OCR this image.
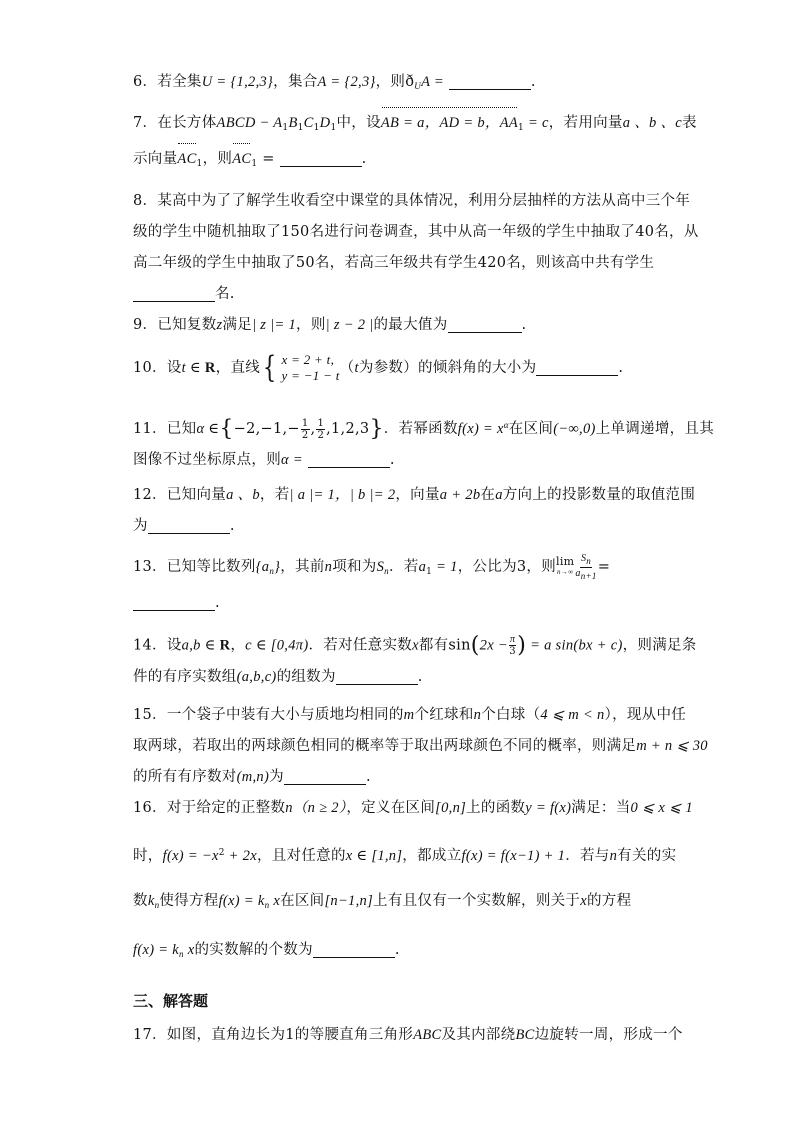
6．若全集U = {1,2,3}，集合A = {2,3}，则$ð_UA$ =	.
7．在长方体ABCD − $A_1B_1C_1D_1$中，设AB = a，AD = b，$AA_1 = c$，若用向量a 、b 、c表
示向量$AC_1$，则$AC_1$ =	.
8．某高中为了了解学生收看空中课堂的具体情况，利用分层抽样的方法从高中三个年
级的学生中随机抽取了150名进行问卷调查，其中从高一年级的学生中抽取了40名，从
高二年级的学生中抽取了50名，若高三年级共有学生420名，则该高中共有学生
名.
9．已知复数z满足| z |= 1，则| z − 2 |的最大值为	.
10．设t ∈ R，直线{ x = 2 + t,
y = −1 − t （t为参数）的倾斜角的大小为	.
11．已知α ∈{−2,−1,− $\frac{1}{2}$ , $\frac{1}{2} ,1,2,3$}．若幂函数$f(x) = x^\alpha$在区间(−∞,0)上单调递增，且其
图像不过坐标原点，则α =	.
12．已知向量a 、b，若| a |= 1，| b |= 2，向量a + 2b在a方向上的投影数量的取值范围
为	.
13．已知等比数列$\{a_n\}$，其前n项和为$S_n$．若$a_1 = 1$，公比为3，则 lim
$n\to\infty \frac{Sn}{an+1}$ =
.
14．设a,b ∈ R，c ∈ [0,4π)．若对任意实数x都有$\sin(2x - \frac{\pi}{3}$ ) = a sin(bx + c)，则满足条
件的有序实数组(a,b,c)的组数为	.
15．一个袋子中装有大小与质地均相同的m个红球和n个白球（4 ⩽ m < n），现从中任
取两球，若取出的两球颜色相同的概率等于取出两球颜色不同的概率，则满足m + n ⩽ 30
的所有有序数对(m,n)为	.
16．对于给定的正整数n（n ≥ 2），定义在区间[0,n]上的函数y = f(x)满足：当0 ⩽ x ⩽ 1
时，$f(x) = -x^2 + 2x$，且对任意的x ∈ [1,n]，都成立f(x) = f(x−1) + 1．若与n有关的实
数$k_n$使得方程$f(x) = k_n$ x在区间[n−1,n]上有且仅有一个实数解，则关于x的方程
$f(x) = k_n$ x的实数解的个数为	.
三、解答题
17．如图，直角边长为1的等腰直角三角形ABC及其内部绕BC边旋转一周，形成一个
